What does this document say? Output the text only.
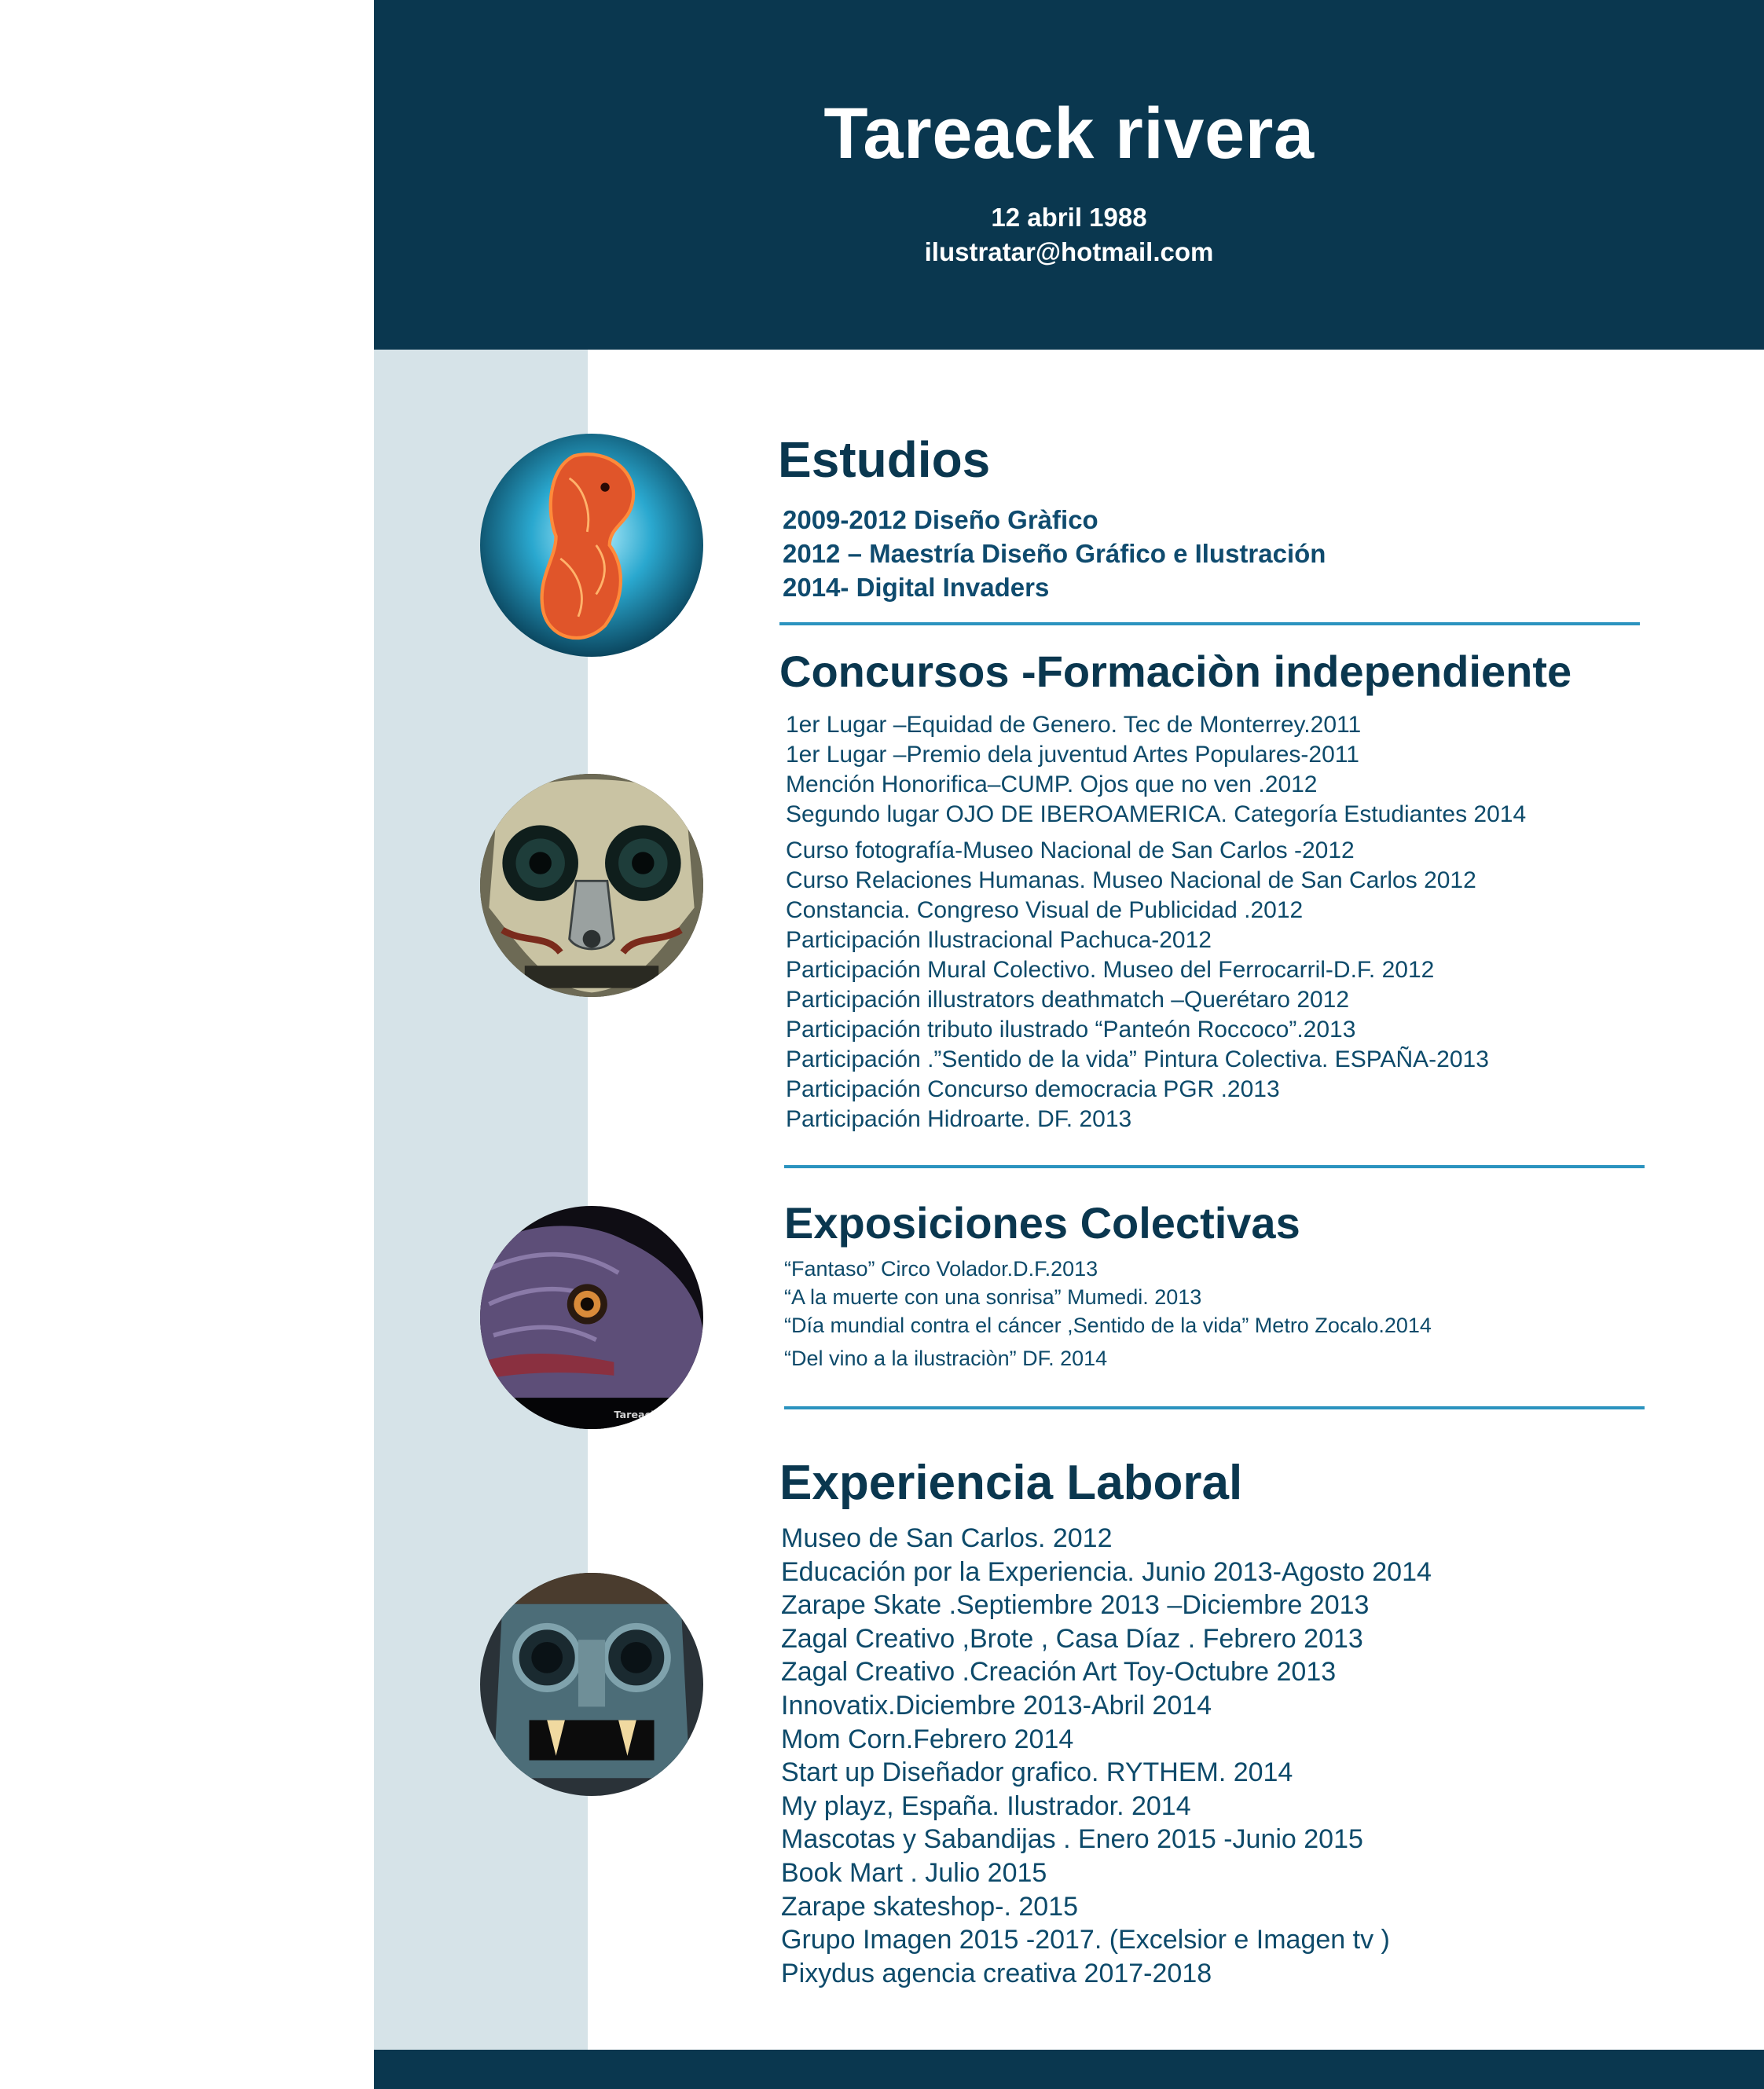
Tareack rivera
12 abril 1988
ilustratar@hotmail.com
Tareack R
Estudios
2009-2012 Diseño Gràfico
2012 – Maestría Diseño Gráfico e Ilustración
2014- Digital Invaders
Concursos -Formaciòn independiente
1er Lugar –Equidad de Genero. Tec de Monterrey.2011
1er Lugar –Premio dela juventud Artes Populares-2011
Mención Honorifica–CUMP. Ojos que no ven .2012
Segundo lugar OJO DE IBEROAMERICA. Categoría Estudiantes 2014
Curso fotografía-Museo Nacional de San Carlos -2012
Curso Relaciones Humanas. Museo Nacional de San Carlos 2012
Constancia. Congreso Visual de Publicidad .2012
Participación Ilustracional Pachuca-2012
Participación Mural Colectivo. Museo del Ferrocarril-D.F. 2012
Participación illustrators deathmatch –Querétaro 2012
Participación tributo ilustrado “Panteón Roccoco”.2013
Participación .”Sentido de la vida” Pintura Colectiva. ESPAÑA-2013
Participación Concurso democracia PGR .2013
Participación Hidroarte. DF. 2013
Exposiciones Colectivas
“Fantaso” Circo Volador.D.F.2013
“A la muerte con una sonrisa” Mumedi. 2013
“Día mundial contra el cáncer ,Sentido de la vida” Metro Zocalo.2014
“Del vino a la ilustraciòn” DF. 2014
Experiencia Laboral
Museo de San Carlos. 2012
Educación por la Experiencia. Junio 2013-Agosto 2014
Zarape Skate .Septiembre 2013 –Diciembre 2013
Zagal Creativo ,Brote , Casa Díaz . Febrero 2013
Zagal Creativo .Creación Art Toy-Octubre 2013
Innovatix.Diciembre 2013-Abril 2014
Mom Corn.Febrero 2014
Start up Diseñador grafico. RYTHEM. 2014
My playz, España. Ilustrador. 2014
Mascotas y Sabandijas . Enero 2015 -Junio 2015
Book Mart . Julio 2015
Zarape skateshop-. 2015
Grupo Imagen 2015 -2017. (Excelsior e Imagen tv )
Pixydus agencia creativa 2017-2018
